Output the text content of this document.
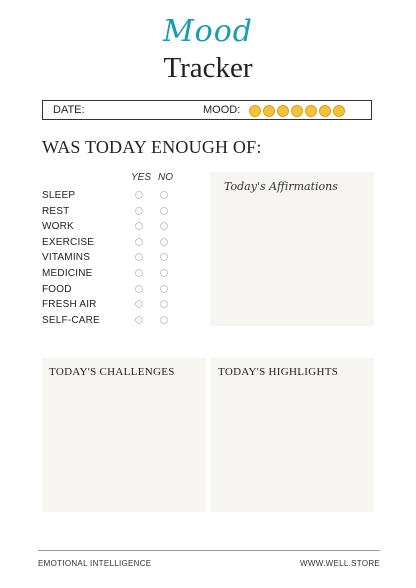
Mood
Tracker
DATE:	MOOD:
WAS TODAY ENOUGH OF:
YES NO
SLEEP
REST
WORK
EXERCISE
VITAMINS
MEDICINE
FOOD
FRESH AIR
SELF-CARE
Today's Affirmations
TODAY'S CHALLENGES	TODAY'S HIGHLIGHTS
EMOTIONAL INTELLIGENCE	WWW.WELL.STORE
